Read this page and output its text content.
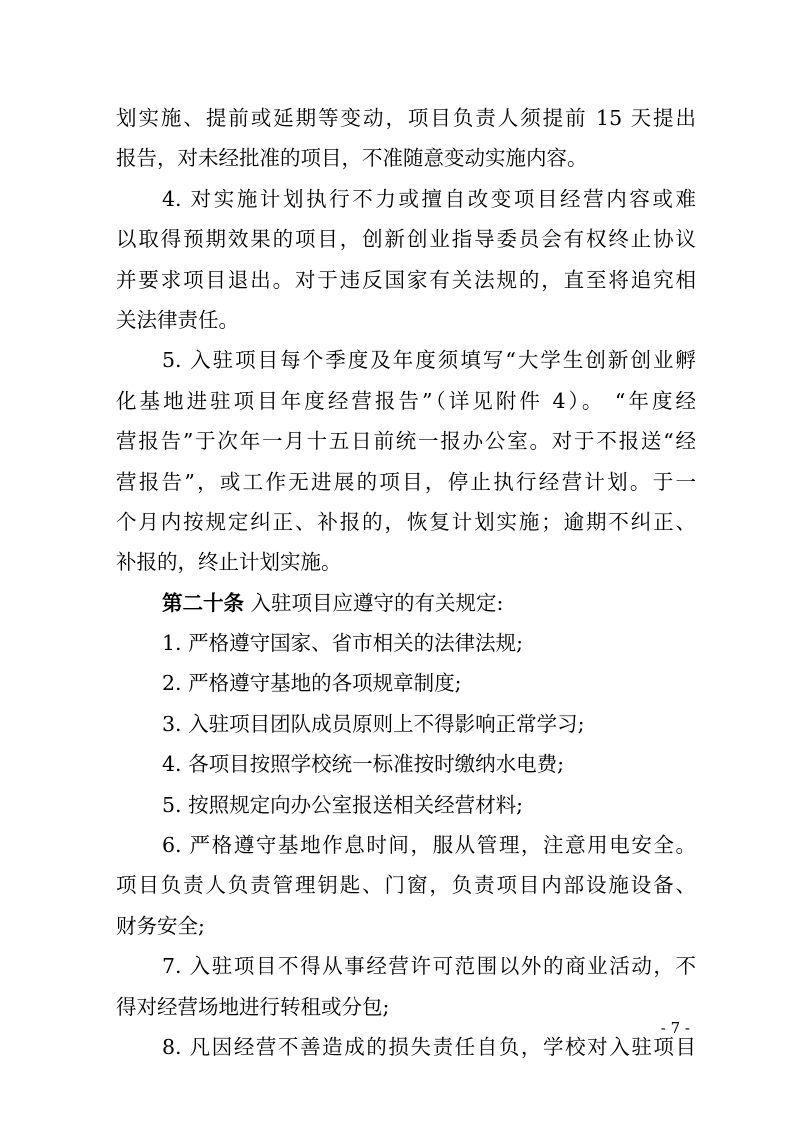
划实施、提前或延期等变动，项目负责人须提前 15 天提出
报告，对未经批准的项目，不准随意变动实施内容。
4. 对实施计划执行不力或擅自改变项目经营内容或难
以取得预期效果的项目，创新创业指导委员会有权终止协议
并要求项目退出。对于违反国家有关法规的，直至将追究相
关法律责任。
5. 入驻项目每个季度及年度须填写“大学生创新创业孵
化基地进驻项目年度经营报告”（详见附件 4）。 “年度经
营报告”于次年一月十五日前统一报办公室。对于不报送“经
营报告”，或工作无进展的项目，停止执行经营计划。于一
个月内按规定纠正、补报的，恢复计划实施；逾期不纠正、
补报的，终止计划实施。
第二十条 入驻项目应遵守的有关规定:
1. 严格遵守国家、省市相关的法律法规;
2. 严格遵守基地的各项规章制度;
3. 入驻项目团队成员原则上不得影响正常学习;
4. 各项目按照学校统一标准按时缴纳水电费;
5. 按照规定向办公室报送相关经营材料;
6. 严格遵守基地作息时间，服从管理，注意用电安全。
项目负责人负责管理钥匙、门窗，负责项目内部设施设备、
财务安全;
7. 入驻项目不得从事经营许可范围以外的商业活动，不
得对经营场地进行转租或分包;
8. 凡因经营不善造成的损失责任自负，学校对入驻项目
- 7 -
